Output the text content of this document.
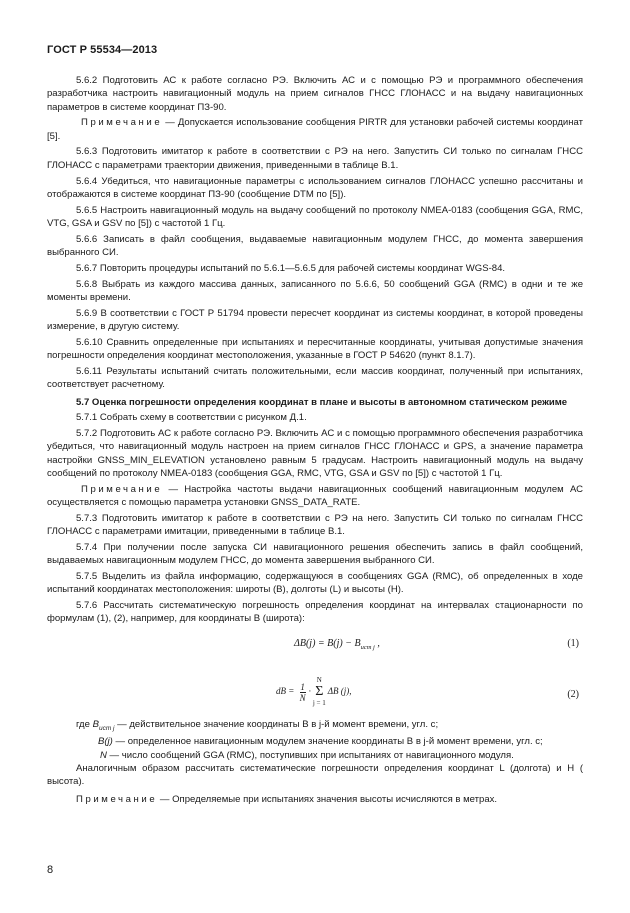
ГОСТ Р 55534—2013

5.6.2 Подготовить АС к работе согласно РЭ. Включить АС и с помощью РЭ и программного обеспечения разработчика настроить навигационный модуль на прием сигналов ГНСС ГЛОНАСС и на выдачу навигационных параметров в системе координат ПЗ-90.

Примечание — Допускается использование сообщения PIRTR для установки рабочей системы координат [5].

5.6.3 Подготовить имитатор к работе в соответствии с РЭ на него. Запустить СИ только по сигналам ГНСС ГЛОНАСС с параметрами траектории движения, приведенными в таблице В.1.

5.6.4 Убедиться, что навигационные параметры с использованием сигналов ГЛОНАСС успешно рассчитаны и отображаются в системе координат ПЗ-90 (сообщение DTM по [5]).

5.6.5 Настроить навигационный модуль на выдачу сообщений по протоколу NMEA-0183 (сообщения GGA, RMC, VTG, GSA и GSV по [5]) с частотой 1 Гц.

5.6.6 Записать в файл сообщения, выдаваемые навигационным модулем ГНСС, до момента завершения выбранного СИ.

5.6.7 Повторить процедуры испытаний по 5.6.1—5.6.5 для рабочей системы координат WGS-84.

5.6.8 Выбрать из каждого массива данных, записанного по 5.6.6, 50 сообщений GGA (RMC) в одни и те же моменты времени.

5.6.9 В соответствии с ГОСТ Р 51794 провести пересчет координат из системы координат, в которой проведены измерение, в другую систему.

5.6.10 Сравнить определенные при испытаниях и пересчитанные координаты, учитывая допустимые значения погрешности определения координат местоположения, указанные в ГОСТ Р 54620 (пункт 8.1.7).

5.6.11 Результаты испытаний считать положительными, если массив координат, полученный при испытаниях, соответствует расчетному.

5.7 Оценка погрешности определения координат в плане и высоты в автономном статическом режиме

5.7.1 Собрать схему в соответствии с рисунком Д.1.

5.7.2 Подготовить АС к работе согласно РЭ. Включить АС и с помощью программного обеспечения разработчика убедиться, что навигационный модуль настроен на прием сигналов ГНСС ГЛОНАСС и GPS, а значение параметра настройки GNSS_MIN_ELEVATION установлено равным 5 градусам. Настроить навигационный модуль на выдачу сообщений по протоколу NMEA-0183 (сообщения GGA, RMC, VTG, GSA и GSV по [5]) с частотой 1 Гц.

Примечание — Настройка частоты выдачи навигационных сообщений навигационным модулем АС осуществляется с помощью параметра установки GNSS_DATA_RATE.

5.7.3 Подготовить имитатор к работе в соответствии с РЭ на него. Запустить СИ только по сигналам ГНСС ГЛОНАСС с параметрами имитации, приведенными в таблице В.1.

5.7.4 При получении после запуска СИ навигационного решения обеспечить запись в файл сообщений, выдаваемых навигационным модулем ГНСС, до момента завершения выбранного СИ.

5.7.5 Выделить из файла информацию, содержащуюся в сообщениях GGA (RMC), об определенных в ходе испытаний координатах местоположения: широты (В), долготы (L) и высоты (Н).

5.7.6 Рассчитать систематическую погрешность определения координат на интервалах стационарности по формулам (1), (2), например, для координаты В (широта):

$\Delta B(j) = B(j) - B_{ист j}$ ,	(1)
dB = $\frac{1}{N}$ ·
N
Σ
j = 1
ΔB (j),	(2)

где $B_{ист j}$ — действительное значение координаты В в j-й момент времени, угл. с;

B(j) — определенное навигационным модулем значение координаты В в j-й момент времени, угл. с;

N — число сообщений GGA (RMC), поступивших при испытаниях от навигационного модуля.

Аналогичным образом рассчитать систематические погрешности определения координат L (долгота) и Н ( высота).

Примечание — Определяемые при испытаниях значения высоты исчисляются в метрах.

8
